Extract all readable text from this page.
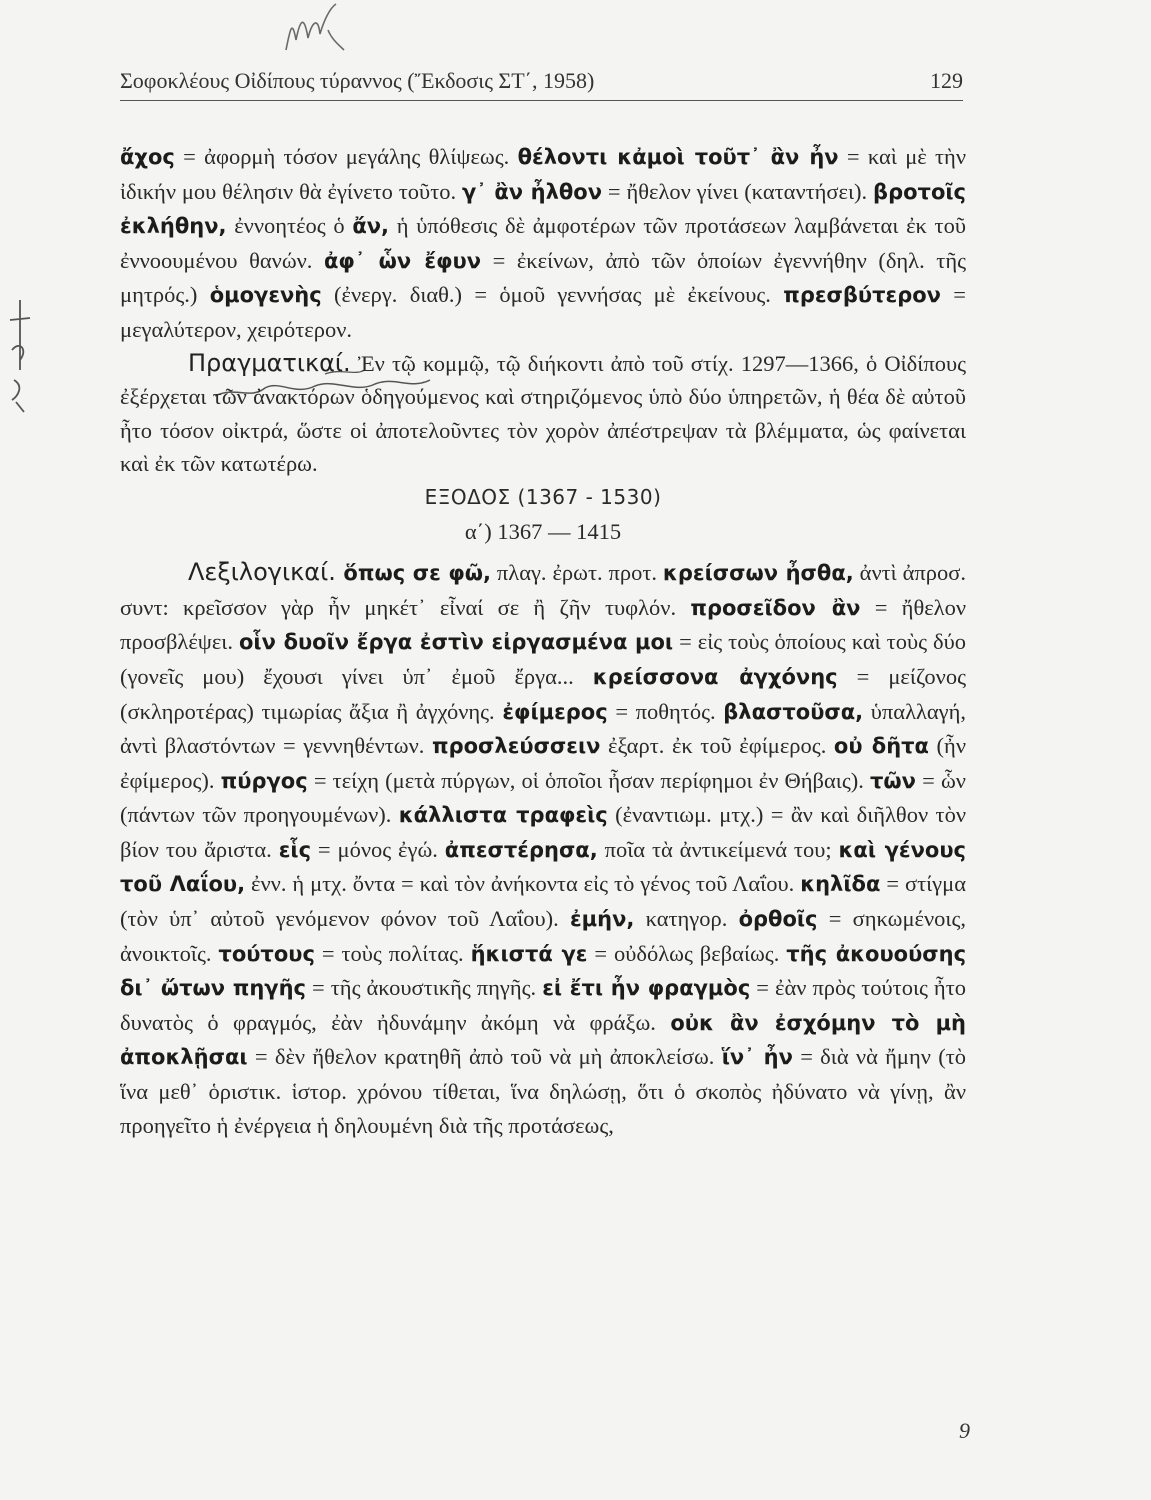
Σοφοκλέους Οἰδίπους τύραννος (Ἔκδοσις ΣΤ΄, 1958)	129

ἄχος = ἀφορμὴ τόσον μεγάλης θλίψεως. θέλοντι κἀμοὶ τοῦτ᾽ ἂν ἦν = καὶ μὲ τὴν ἰδικήν μου θέλησιν θὰ ἐγίνετο τοῦτο. γ᾽ ἂν ἦλθον = ἤθελον γίνει (καταντήσει). βροτοῖς ἐκλήθην, ἐννοητέος ὁ ἄν, ἡ ὑπόθεσις δὲ ἀμφοτέρων τῶν προτάσεων λαμβάνεται ἐκ τοῦ ἐννοουμένου θανών. ἀφ᾽ ὧν ἔφυν = ἐκείνων, ἀπὸ τῶν ὁποίων ἐγεννήθην (δηλ. τῆς μητρός.) ὁμογενὴς (ἐνεργ. διαθ.) = ὁμοῦ γεννήσας μὲ ἐκείνους. πρεσβύτερον = μεγαλύτερον, χειρότερον.

Πραγματικαί. Ἐν τῷ κομμῷ, τῷ διήκοντι ἀπὸ τοῦ στίχ. 1297—1366, ὁ Οἰδίπους ἐξέρχεται τῶν ἀνακτόρων ὁδηγούμενος καὶ στηριζόμενος ὑπὸ δύο ὑπηρετῶν, ἡ θέα δὲ αὐτοῦ ἦτο τόσον οἰκτρά, ὥστε οἱ ἀποτελοῦντες τὸν χορὸν ἀπέστρεψαν τὰ βλέμματα, ὡς φαίνεται καὶ ἐκ τῶν κατωτέρω.

ΕΞΟΔΟΣ (1367 - 1530)

α΄) 1367 — 1415

Λεξιλογικαί. ὅπως σε φῶ, πλαγ. ἐρωτ. προτ. κρείσσων ἦσθα, ἀντὶ ἀπροσ. συντ: κρεῖσσον γὰρ ἦν μηκέτ᾽ εἶναί σε ἢ ζῆν τυφλόν. προσεῖδον ἂν = ἤθελον προσβλέψει. οἷν δυοῖν ἔργα ἐστὶν εἰργασμένα μοι = εἰς τοὺς ὁποίους καὶ τοὺς δύο (γονεῖς μου) ἔχουσι γίνει ὑπ᾽ ἐμοῦ ἔργα... κρείσσονα ἀγχόνης = μείζονος (σκληροτέρας) τιμωρίας ἄξια ἢ ἀγχόνης. ἐφίμερος = ποθητός. βλαστοῦσα, ὑπαλλαγή, ἀντὶ βλαστόντων = γεννηθέντων. προσλεύσσειν ἐξαρτ. ἐκ τοῦ ἐφίμερος. οὐ δῆτα (ἦν ἐφίμερος). πύργος = τείχη (μετὰ πύργων, οἱ ὁποῖοι ἦσαν περίφημοι ἐν Θήβαις). τῶν = ὧν (πάντων τῶν προηγουμένων). κάλλιστα τραφεὶς (ἐναντιωμ. μτχ.) = ἂν καὶ διῆλθον τὸν βίον του ἄριστα. εἷς = μόνος ἐγώ. ἀπεστέρησα, ποῖα τὰ ἀντικείμενά του; καὶ γένους τοῦ Λαΐου, ἐνν. ἡ μτχ. ὄντα = καὶ τὸν ἀνήκοντα εἰς τὸ γένος τοῦ Λαΐου. κηλῖδα = στίγμα (τὸν ὑπ᾽ αὐτοῦ γενόμενον φόνον τοῦ Λαΐου). ἐμήν, κατηγορ. ὀρθοῖς = σηκωμένοις, ἀνοικτοῖς. τούτους = τοὺς πολίτας. ἥκιστά γε = οὐδόλως βεβαίως. τῆς ἀκουούσης δι᾽ ὤτων πηγῆς = τῆς ἀκουστικῆς πηγῆς. εἰ ἔτι ἦν φραγμὸς = ἐὰν πρὸς τούτοις ἦτο δυνατὸς ὁ φραγμός, ἐὰν ἠδυνάμην ἀκόμη νὰ φράξω. οὐκ ἂν ἐσχόμην τὸ μὴ ἀποκλῇσαι = δὲν ἤθελον κρατηθῆ ἀπὸ τοῦ νὰ μὴ ἀποκλείσω. ἵν᾽ ἦν = διὰ νὰ ἤμην (τὸ ἵνα μεθ᾽ ὁριστικ. ἱστορ. χρόνου τίθεται, ἵνα δηλώσῃ, ὅτι ὁ σκοπὸς ἠδύνατο νὰ γίνῃ, ἂν προηγεῖτο ἡ ἐνέργεια ἡ δηλουμένη διὰ τῆς προτάσεως,

9
